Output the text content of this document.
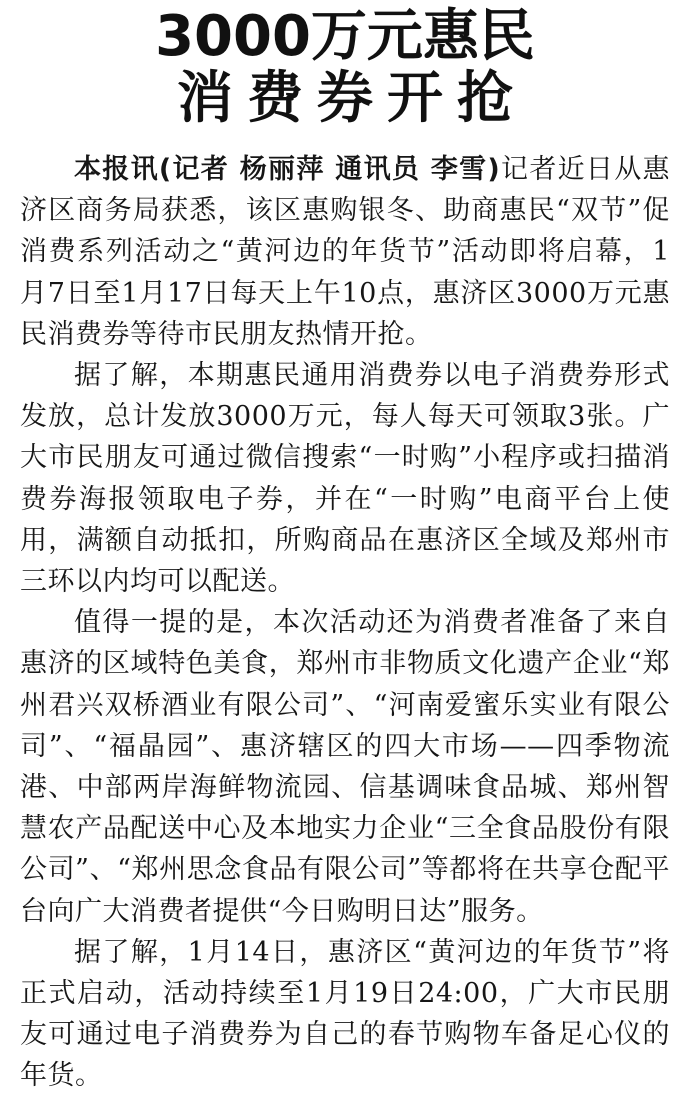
3000万元惠民
消费券开抢

本报讯(记者 杨丽萍 通讯员 李雪)记者近日从惠济区商务局获悉，该区惠购银冬、助商惠民“双节”促消费系列活动之“黄河边的年货节”活动即将启幕，1月7日至1月17日每天上午10点，惠济区3000万元惠民消费券等待市民朋友热情开抢。

据了解，本期惠民通用消费券以电子消费券形式发放，总计发放3000万元，每人每天可领取3张。广大市民朋友可通过微信搜索“一时购”小程序或扫描消费券海报领取电子券，并在“一时购”电商平台上使用，满额自动抵扣，所购商品在惠济区全域及郑州市三环以内均可以配送。

值得一提的是，本次活动还为消费者准备了来自惠济的区域特色美食，郑州市非物质文化遗产企业“郑州君兴双桥酒业有限公司”、“河南爱蜜乐实业有限公司”、“福晶园”、惠济辖区的四大市场——四季物流港、中部两岸海鲜物流园、信基调味食品城、郑州智慧农产品配送中心及本地实力企业“三全食品股份有限公司”、“郑州思念食品有限公司”等都将在共享仓配平台向广大消费者提供“今日购明日达”服务。

据了解，1月14日，惠济区“黄河边的年货节”将正式启动，活动持续至1月19日24:00，广大市民朋友可通过电子消费券为自己的春节购物车备足心仪的年货。
